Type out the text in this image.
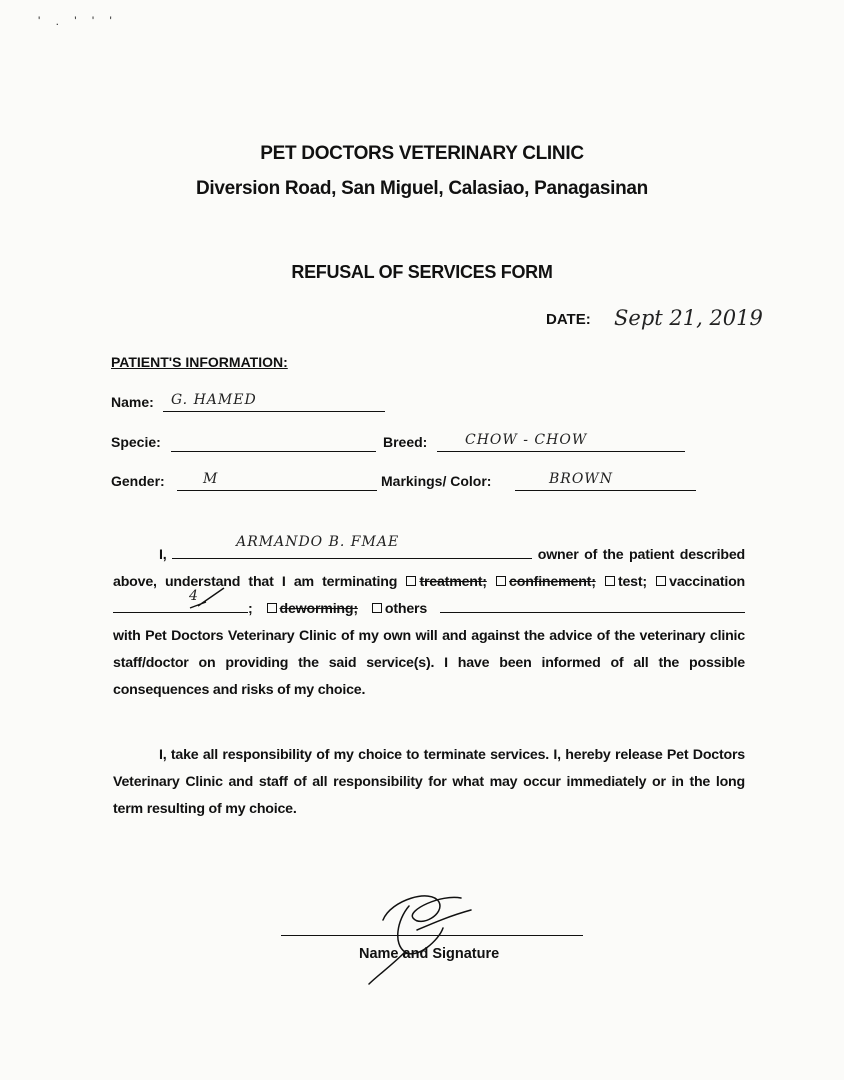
' . ' ' '
PET DOCTORS VETERINARY CLINIC
Diversion Road, San Miguel, Calasiao, Panagasinan
REFUSAL OF SERVICES FORM
DATE: Sept 21, 2019
PATIENT'S INFORMATION:
Name: G. HAMED
Specie:	Breed:	CHOW - CHOW
Gender:	M	Markings/ Color:	BROWN
I,
ARMANDO B. FMAE
owner of the patient described above, understand that I am terminating treatment; confinement; test; vaccination
4
; deworming; others
with Pet Doctors Veterinary Clinic of my own will and against the advice of the veterinary clinic staff/doctor on providing the said service(s). I have been informed of all the possible consequences and risks of my choice.
I, take all responsibility of my choice to terminate services. I, hereby release Pet Doctors Veterinary Clinic and staff of all responsibility for what may occur immediately or in the long term resulting of my choice.
Name and Signature
